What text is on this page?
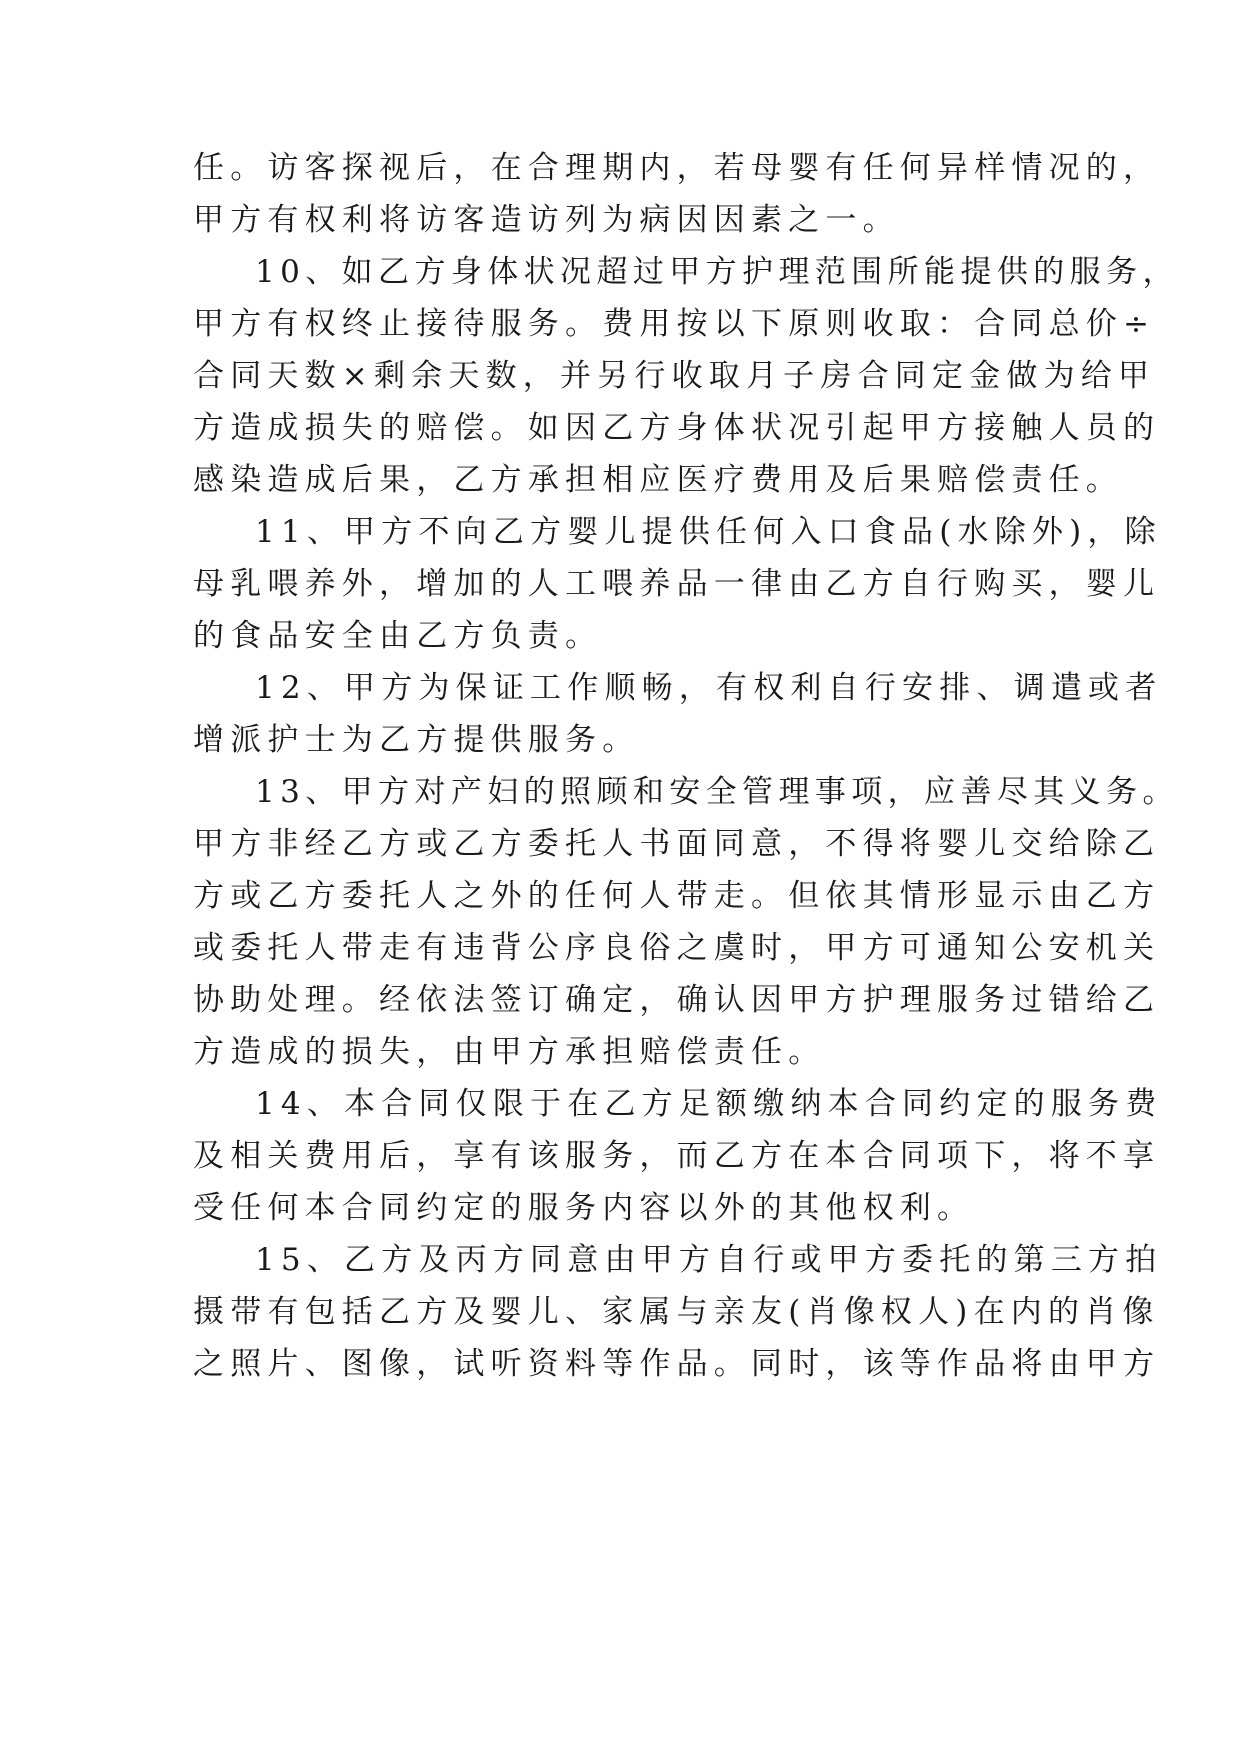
任。访客探视后，在合理期内，若母婴有任何异样情况的，
甲方有权利将访客造访列为病因因素之一。
10、如乙方身体状况超过甲方护理范围所能提供的服务，
甲方有权终止接待服务。费用按以下原则收取：合同总价÷
合同天数×剩余天数，并另行收取月子房合同定金做为给甲
方造成损失的赔偿。如因乙方身体状况引起甲方接触人员的
感染造成后果，乙方承担相应医疗费用及后果赔偿责任。
11、甲方不向乙方婴儿提供任何入口食品(水除外)，除
母乳喂养外，增加的人工喂养品一律由乙方自行购买，婴儿
的食品安全由乙方负责。
12、甲方为保证工作顺畅，有权利自行安排、调遣或者
增派护士为乙方提供服务。
13、甲方对产妇的照顾和安全管理事项，应善尽其义务。
甲方非经乙方或乙方委托人书面同意，不得将婴儿交给除乙
方或乙方委托人之外的任何人带走。但依其情形显示由乙方
或委托人带走有违背公序良俗之虞时，甲方可通知公安机关
协助处理。经依法签订确定，确认因甲方护理服务过错给乙
方造成的损失，由甲方承担赔偿责任。
14、本合同仅限于在乙方足额缴纳本合同约定的服务费
及相关费用后，享有该服务，而乙方在本合同项下，将不享
受任何本合同约定的服务内容以外的其他权利。
15、乙方及丙方同意由甲方自行或甲方委托的第三方拍
摄带有包括乙方及婴儿、家属与亲友(肖像权人)在内的肖像
之照片、图像，试听资料等作品。同时，该等作品将由甲方
